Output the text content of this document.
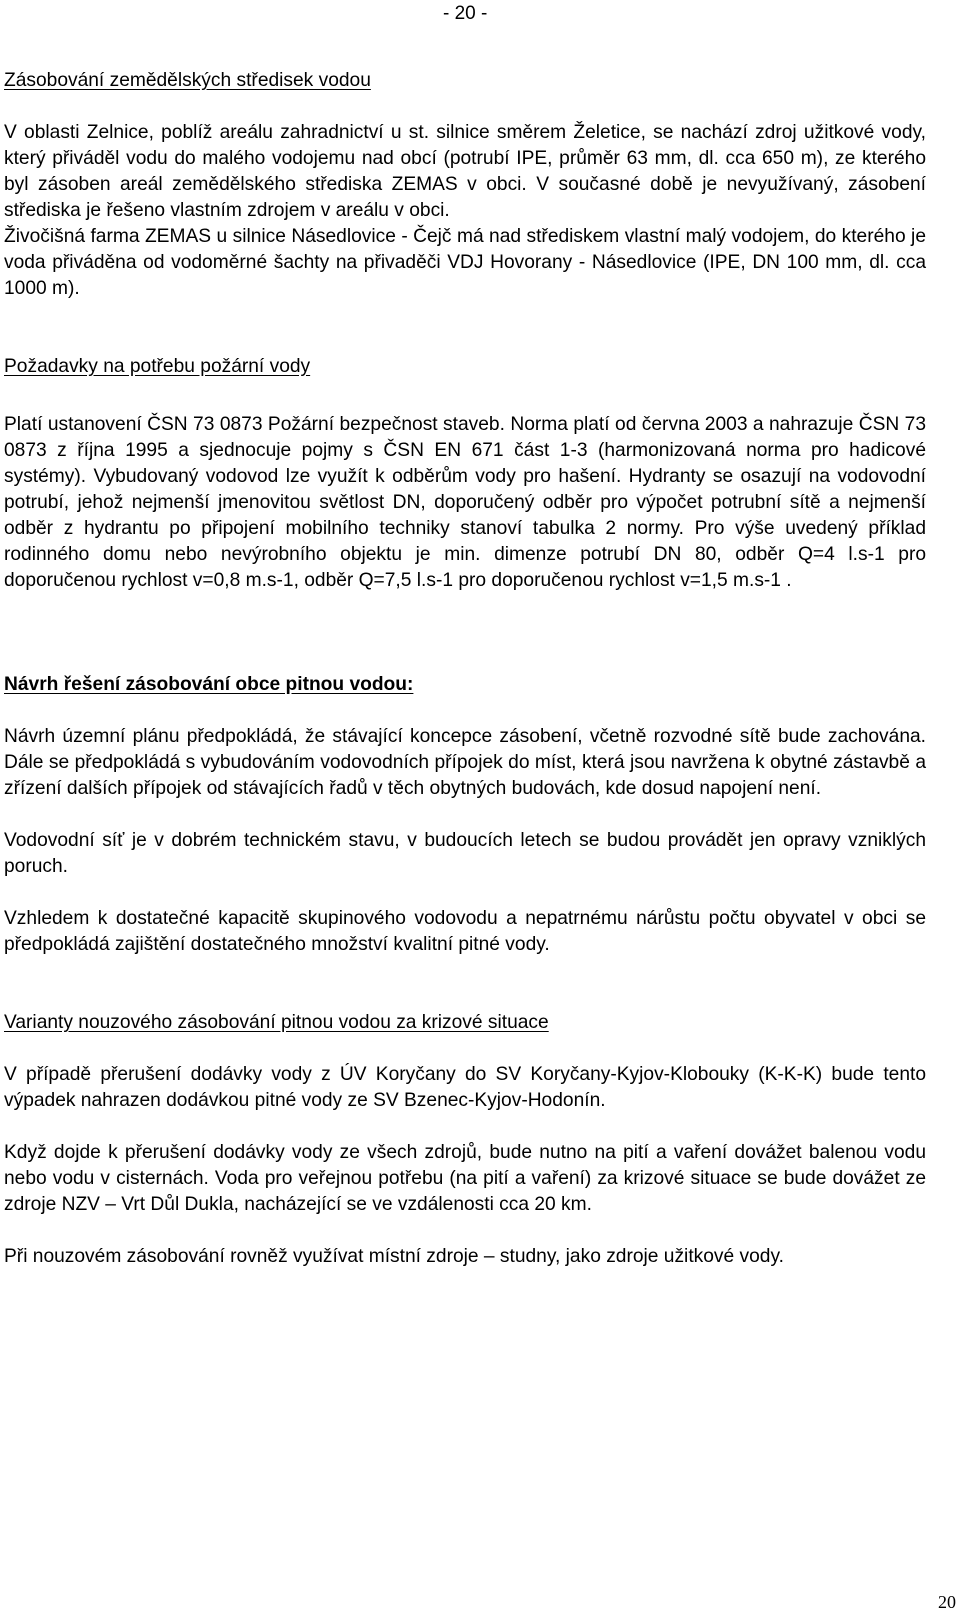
- 20 -
Zásobování zemědělských středisek vodou

V oblasti Zelnice, poblíž areálu zahradnictví u st. silnice směrem Želetice, se nachází zdroj užitkové vody, který přiváděl vodu do malého vodojemu nad obcí (potrubí IPE, průměr 63 mm, dl. cca 650 m), ze kterého byl zásoben areál zemědělského střediska ZEMAS v obci. V současné době je nevyužívaný, zásobení střediska je řešeno vlastním zdrojem v areálu v obci.

Živočišná farma ZEMAS u silnice Násedlovice - Čejč má nad střediskem vlastní malý vodojem, do kterého je voda přiváděna od vodoměrné šachty na přivaděči VDJ Hovorany - Násedlovice (IPE, DN 100 mm, dl. cca 1000 m).

Požadavky na potřebu požární vody

Platí ustanovení ČSN 73 0873 Požární bezpečnost staveb. Norma platí od června 2003 a nahrazuje ČSN 73 0873 z října 1995 a sjednocuje pojmy s ČSN EN 671 část 1-3 (harmonizovaná norma pro hadicové systémy). Vybudovaný vodovod lze využít k odběrům vody pro hašení. Hydranty se osazují na vodovodní potrubí, jehož nejmenší jmenovitou světlost DN, doporučený odběr pro výpočet potrubní sítě a nejmenší odběr z hydrantu po připojení mobilního techniky stanoví tabulka 2 normy. Pro výše uvedený příklad rodinného domu nebo nevýrobního objektu je min. dimenze potrubí DN 80, odběr Q=4 l.s-1 pro doporučenou rychlost v=0,8 m.s-1, odběr Q=7,5 l.s-1 pro doporučenou rychlost v=1,5 m.s-1 .

Návrh řešení zásobování obce pitnou vodou:

Návrh územní plánu předpokládá, že stávající koncepce zásobení, včetně rozvodné sítě bude zachována. Dále se předpokládá s vybudováním vodovodních přípojek do míst, která jsou navržena k obytné zástavbě a zřízení dalších přípojek od stávajících řadů v těch obytných budovách, kde dosud napojení není.

Vodovodní síť je v dobrém technickém stavu, v budoucích letech se budou provádět jen opravy vzniklých poruch.

Vzhledem k dostatečné kapacitě skupinového vodovodu a nepatrnému nárůstu počtu obyvatel v obci se předpokládá zajištění dostatečného množství kvalitní pitné vody.

Varianty nouzového zásobování pitnou vodou za krizové situace

V případě přerušení dodávky vody z ÚV Koryčany do SV Koryčany-Kyjov-Klobouky (K-K-K) bude tento výpadek nahrazen dodávkou pitné vody ze SV Bzenec-Kyjov-Hodonín.

Když dojde k přerušení dodávky vody ze všech zdrojů, bude nutno na pití a vaření dovážet balenou vodu nebo vodu v cisternách. Voda pro veřejnou potřebu (na pití a vaření) za krizové situace se bude dovážet ze zdroje NZV – Vrt Důl Dukla, nacházející se ve vzdálenosti cca 20 km.

Při nouzovém zásobování rovněž využívat místní zdroje – studny, jako zdroje užitkové vody.

20
